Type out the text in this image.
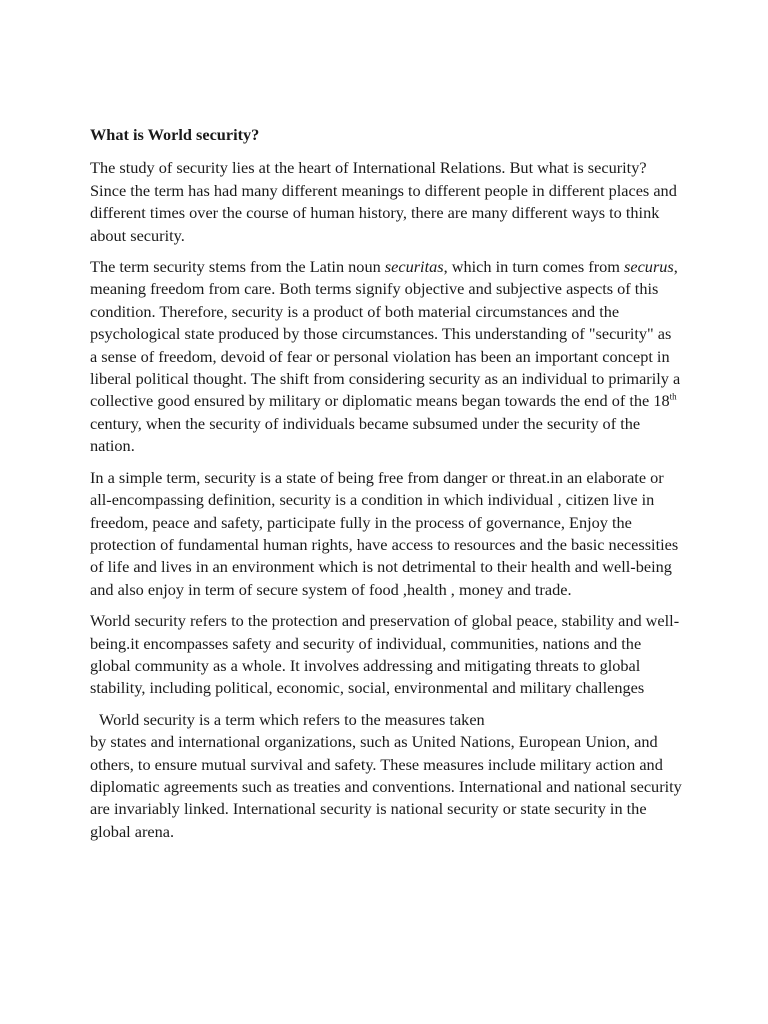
What is World security?

The study of security lies at the heart of International Relations. But what is security? Since the term has had many different meanings to different people in different places and different times over the course of human history, there are many different ways to think about security.

The term security stems from the Latin noun securitas, which in turn comes from securus, meaning freedom from care. Both terms signify objective and subjective aspects of this condition. Therefore, security is a product of both material circumstances and the psychological state produced by those circumstances. This understanding of "security" as a sense of freedom, devoid of fear or personal violation has been an important concept in liberal political thought. The shift from considering security as an individual to primarily a collective good ensured by military or diplomatic means began towards the end of the 18th century, when the security of individuals became subsumed under the security of the nation.

In a simple term, security is a state of being free from danger or threat.in an elaborate or all-encompassing definition, security is a condition in which individual , citizen live in freedom, peace and safety, participate fully in the process of governance, Enjoy the protection of fundamental human rights, have access to resources and the basic necessities of life and lives in an environment which is not detrimental to their health and well-being and also enjoy in term of secure system of food ,health , money and trade.

World security refers to the protection and preservation of global peace, stability and well-being.it encompasses safety and security of individual, communities, nations and the global community as a whole. It involves addressing and mitigating threats to global stability, including political, economic, social, environmental and military challenges

World security is a term which refers to the measures taken
by states and international organizations, such as United Nations, European Union, and others, to ensure mutual survival and safety. These measures include military action and diplomatic agreements such as treaties and conventions. International and national security are invariably linked. International security is national security or state security in the global arena.
